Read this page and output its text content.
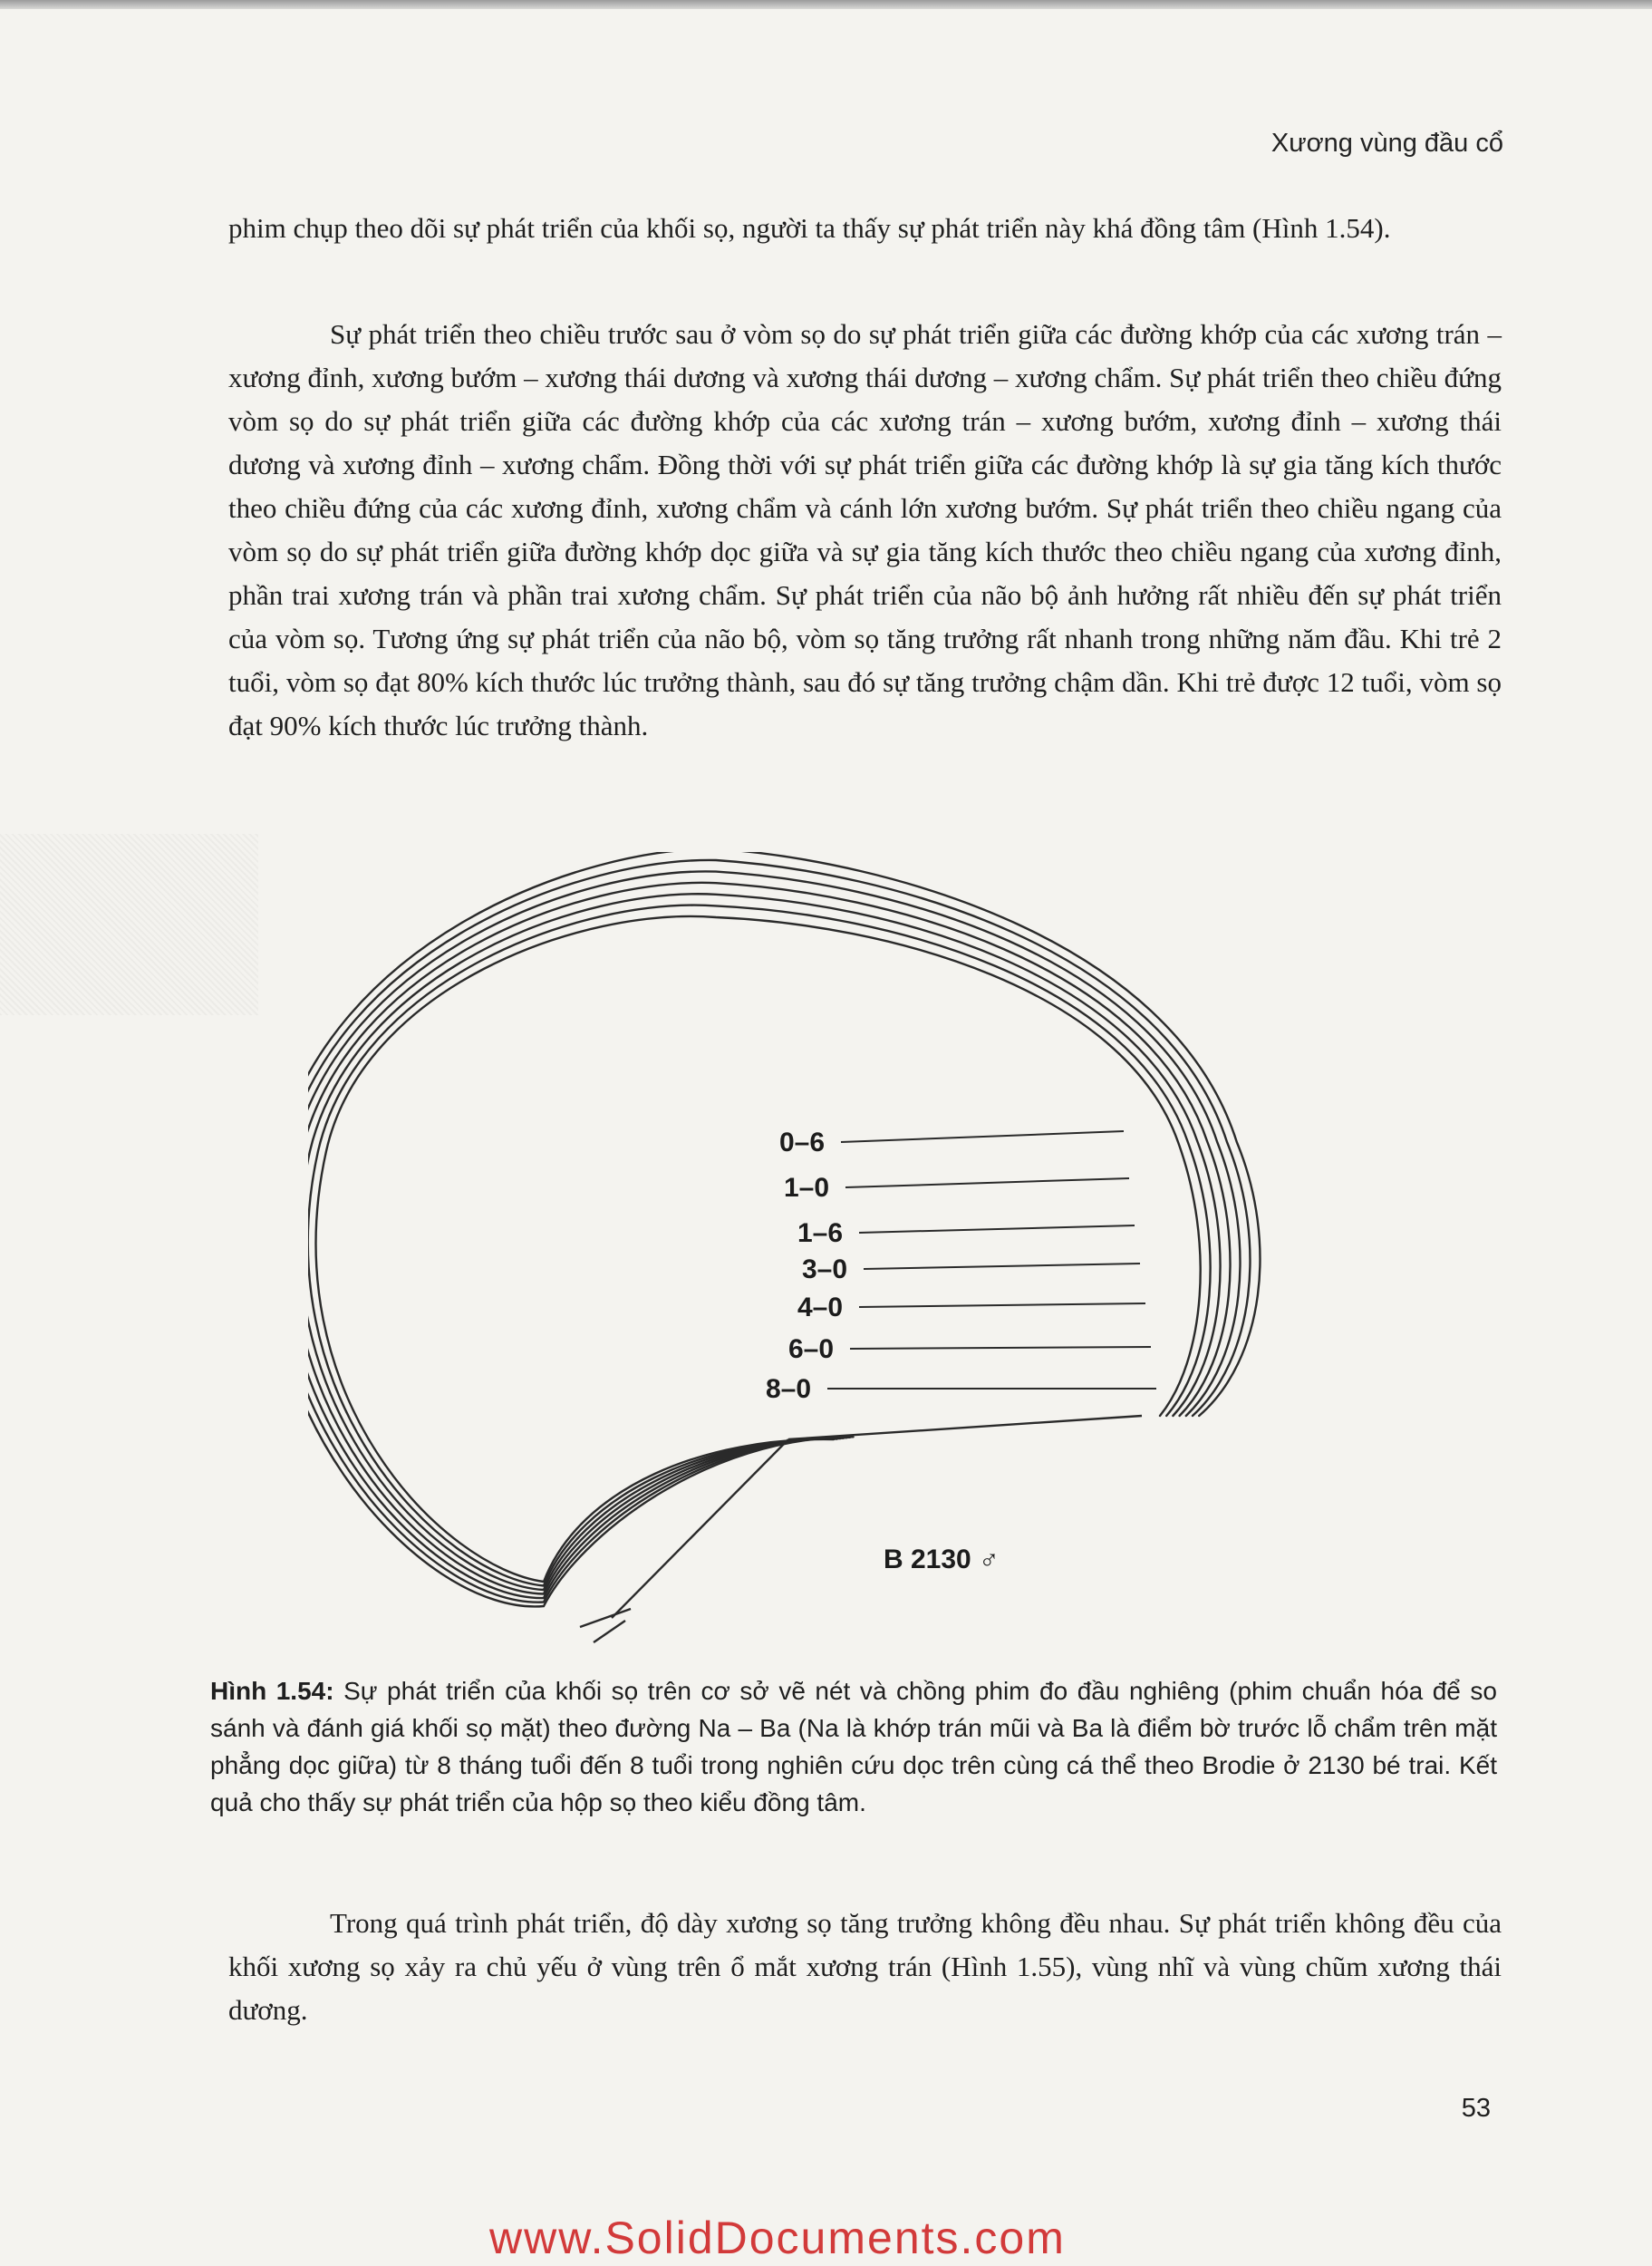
Xương vùng đầu cổ

phim chụp theo dõi sự phát triển của khối sọ, người ta thấy sự phát triển này khá đồng tâm (Hình 1.54).

Sự phát triển theo chiều trước sau ở vòm sọ do sự phát triển giữa các đường khớp của các xương trán – xương đỉnh, xương bướm – xương thái dương và xương thái dương – xương chẩm. Sự phát triển theo chiều đứng vòm sọ do sự phát triển giữa các đường khớp của các xương trán – xương bướm, xương đỉnh – xương thái dương và xương đỉnh – xương chẩm. Đồng thời với sự phát triển giữa các đường khớp là sự gia tăng kích thước theo chiều đứng của các xương đỉnh, xương chẩm và cánh lớn xương bướm. Sự phát triển theo chiều ngang của vòm sọ do sự phát triển giữa đường khớp dọc giữa và sự gia tăng kích thước theo chiều ngang của xương đỉnh, phần trai xương trán và phần trai xương chẩm. Sự phát triển của não bộ ảnh hưởng rất nhiều đến sự phát triển của vòm sọ. Tương ứng sự phát triển của não bộ, vòm sọ tăng trưởng rất nhanh trong những năm đầu. Khi trẻ 2 tuổi, vòm sọ đạt 80% kích thước lúc trưởng thành, sau đó sự tăng trưởng chậm dần. Khi trẻ được 12 tuổi, vòm sọ đạt 90% kích thước lúc trưởng thành.

0–6
1–0
1–6
3–0
4–0
6–0
8–0
B 2130 ♂

Hình 1.54: Sự phát triển của khối sọ trên cơ sở vẽ nét và chồng phim đo đầu nghiêng (phim chuẩn hóa để so sánh và đánh giá khối sọ mặt) theo đường Na – Ba (Na là khớp trán mũi và Ba là điểm bờ trước lỗ chẩm trên mặt phẳng dọc giữa) từ 8 tháng tuổi đến 8 tuổi trong nghiên cứu dọc trên cùng cá thể theo Brodie ở 2130 bé trai. Kết quả cho thấy sự phát triển của hộp sọ theo kiểu đồng tâm.

Trong quá trình phát triển, độ dày xương sọ tăng trưởng không đều nhau. Sự phát triển không đều của khối xương sọ xảy ra chủ yếu ở vùng trên ổ mắt xương trán (Hình 1.55), vùng nhĩ và vùng chũm xương thái dương.

53
www.SolidDocuments.com
